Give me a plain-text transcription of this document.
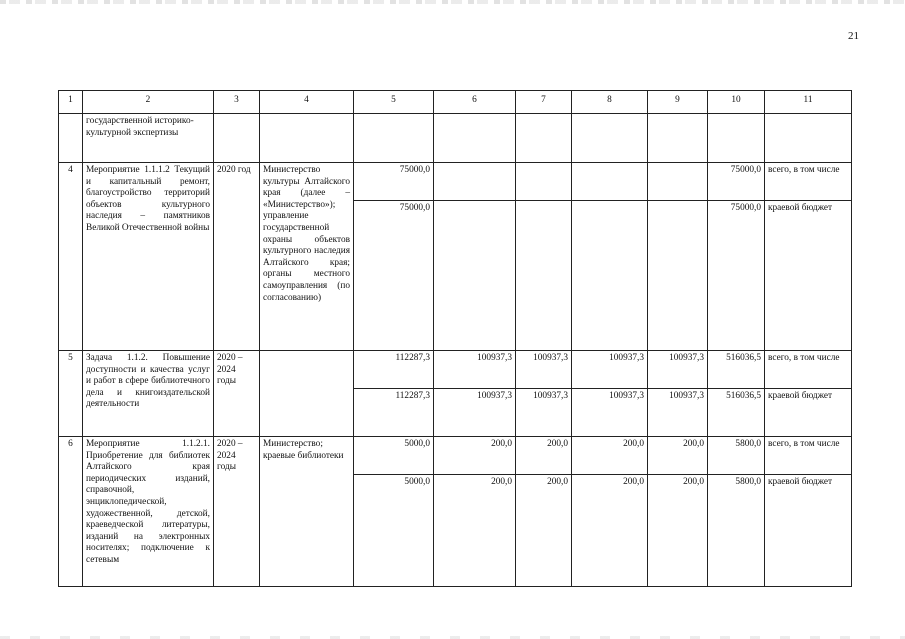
21
1	2	3	4	5	6	7	8	9	10	11
	государственной историко-культурной экспертизы									
4	Мероприятие 1.1.1.2 Текущий и капитальный ремонт, благоустройство территорий объектов культурного наследия – памятников Великой Отечественной войны	2020 год	Министерство культуры Алтайского края (далее – «Министерство»); управление государственной охраны объектов культурного наследия Алтайского края; органы местного самоуправления (по согласованию)	75000,0					75000,0	всего, в том числе
				75000,0					75000,0	краевой бюджет
5	Задача 1.1.2. Повышение доступности и качества услуг и работ в сфере библиотечного дела и книгоиздательской деятельности	2020 – 2024 годы		112287,3	100937,3	100937,3	100937,3	100937,3	516036,5	всего, в том числе
				112287,3	100937,3	100937,3	100937,3	100937,3	516036,5	краевой бюджет
6	Мероприятие 1.1.2.1. Приобретение для библиотек Алтайского края периодических изданий, справочной, энциклопедической, художественной, детской, краеведческой литературы, изданий на электронных носителях; подключение к сетевым	2020 – 2024 годы	Министерство; краевые библиотеки	5000,0	200,0	200,0	200,0	200,0	5800,0	всего, в том числе
				5000,0	200,0	200,0	200,0	200,0	5800,0	краевой бюджет
